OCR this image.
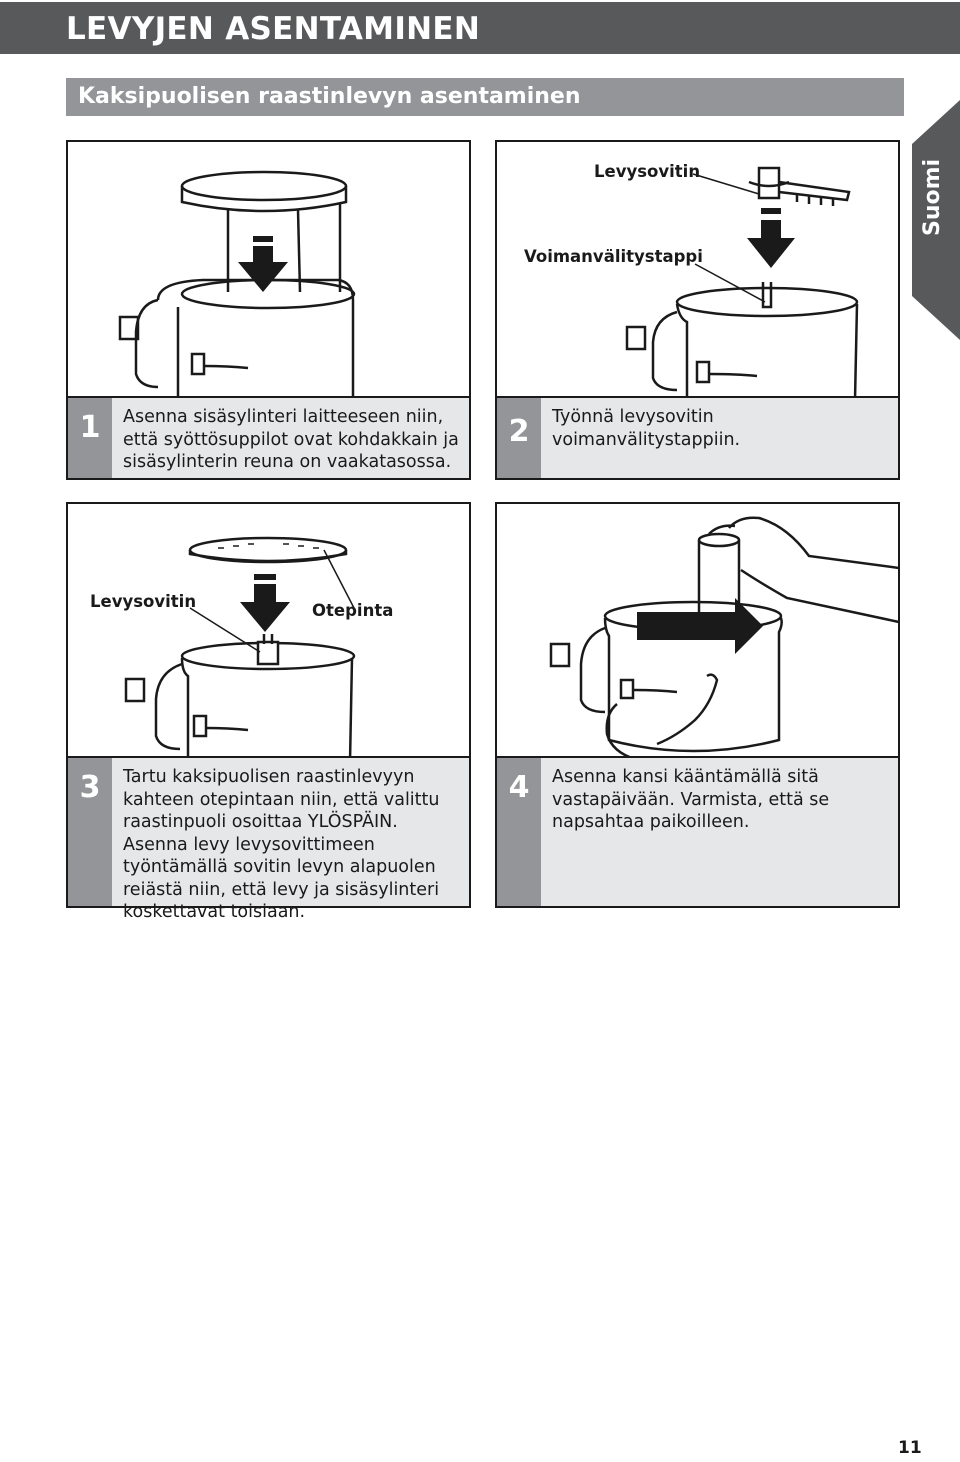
LEVYJEN ASENTAMINEN
Kaksipuolisen raastinlevyn asentaminen
Suomi
1	Asenna sisäsylinteri laitteeseen niin, että syöttösuppilot ovat kohdakkain ja sisäsylinterin reuna on vaakatasossa.
Levysovitin
Voimanvälitystappi
2	Työnnä levysovitin voimanvälitystappiin.
Levysovitin	Otepinta
3	Tartu kaksipuolisen raastinlevyyn kahteen otepintaan niin, että valittu raastinpuoli osoittaa YLÖSPÄIN. Asenna levy levysovittimeen työntämällä sovitin levyn alapuolen reiästä niin, että levy ja sisäsylinteri koskettavat toisiaan.
4	Asenna kansi kääntämällä sitä vastapäivään. Varmista, että se napsahtaa paikoilleen.
11
